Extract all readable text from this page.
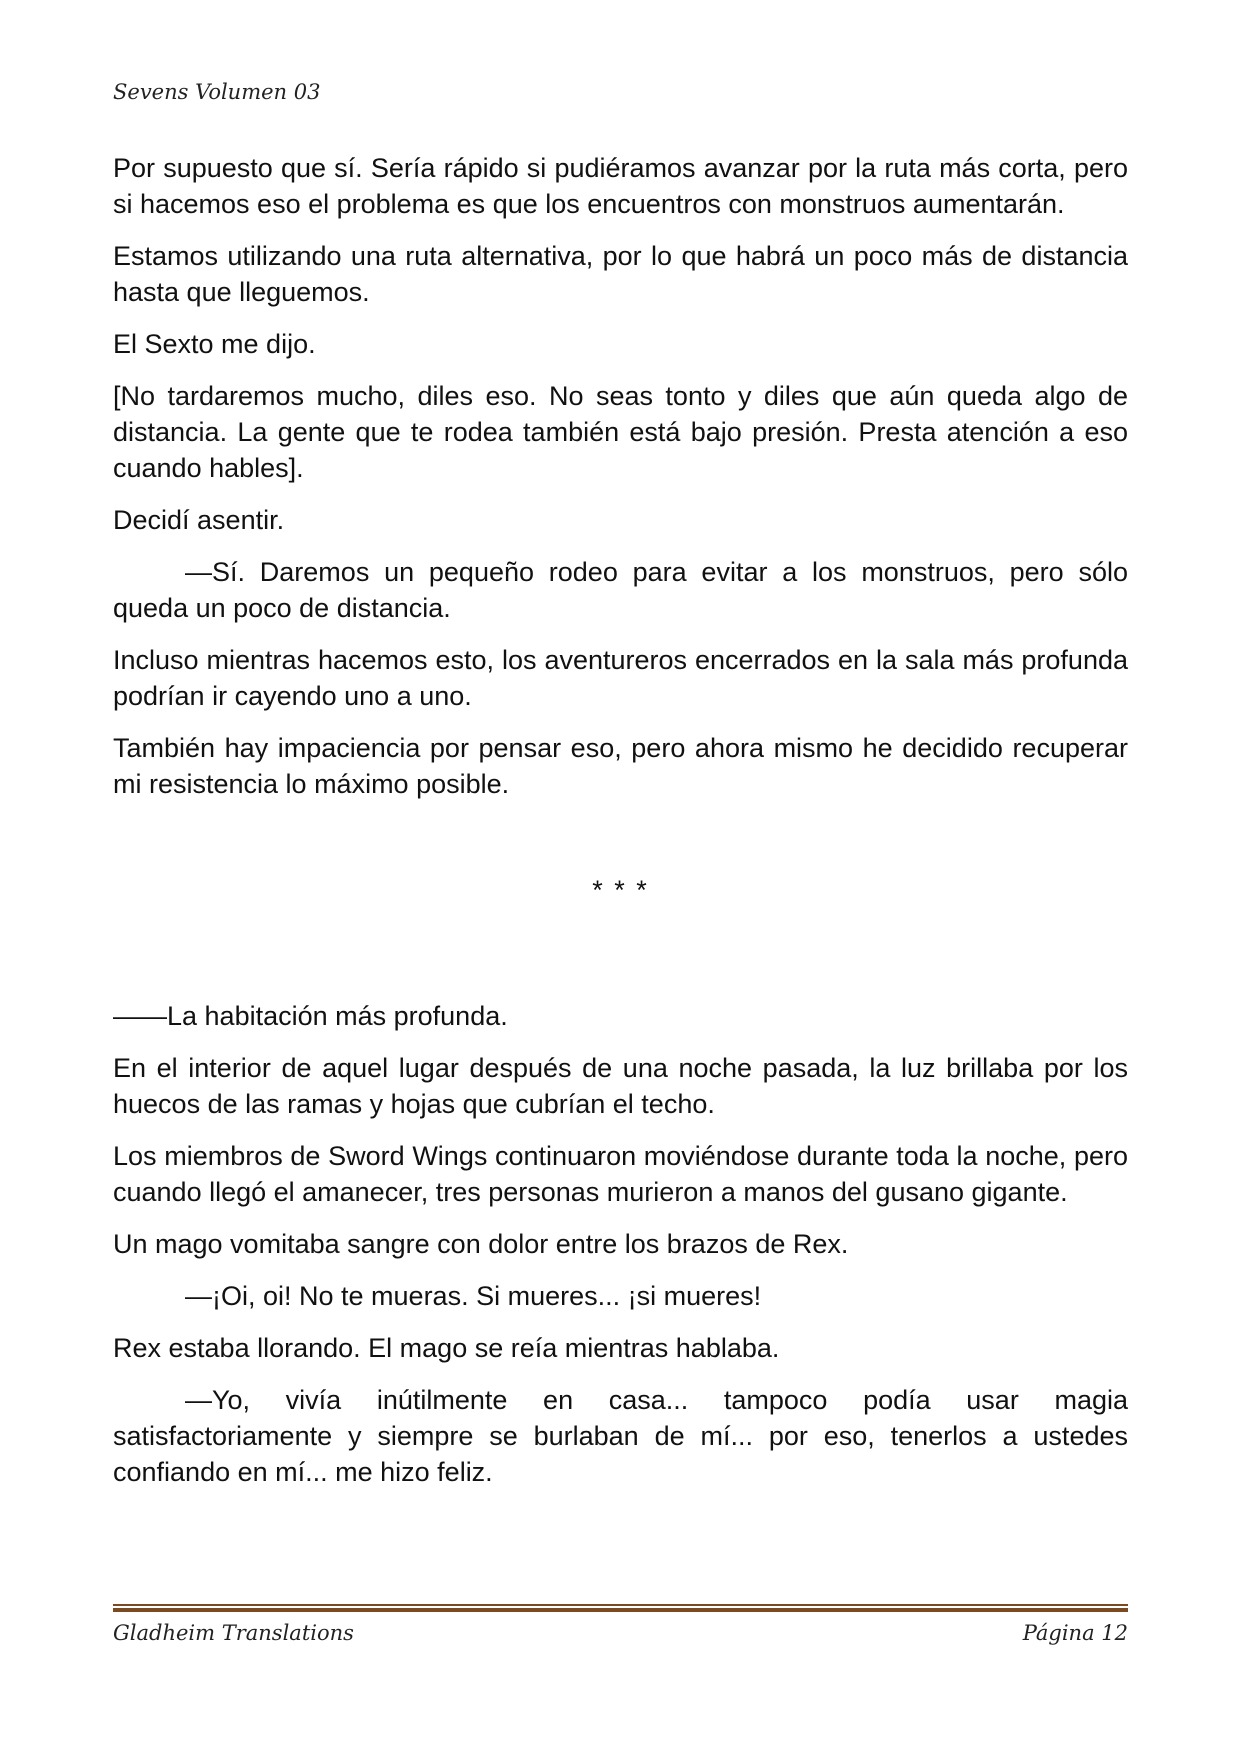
Sevens Volumen 03

Por supuesto que sí. Sería rápido si pudiéramos avanzar por la ruta más corta, pero si hacemos eso el problema es que los encuentros con monstruos aumentarán.

Estamos utilizando una ruta alternativa, por lo que habrá un poco más de distancia hasta que lleguemos.

El Sexto me dijo.

[No tardaremos mucho, diles eso. No seas tonto y diles que aún queda algo de distancia. La gente que te rodea también está bajo presión. Presta atención a eso cuando hables].

Decidí asentir.

—Sí. Daremos un pequeño rodeo para evitar a los monstruos, pero sólo queda un poco de distancia.

Incluso mientras hacemos esto, los aventureros encerrados en la sala más profunda podrían ir cayendo uno a uno.

También hay impaciencia por pensar eso, pero ahora mismo he decidido recuperar mi resistencia lo máximo posible.

* * *

——La habitación más profunda.

En el interior de aquel lugar después de una noche pasada, la luz brillaba por los huecos de las ramas y hojas que cubrían el techo.

Los miembros de Sword Wings continuaron moviéndose durante toda la noche, pero cuando llegó el amanecer, tres personas murieron a manos del gusano gigante.

Un mago vomitaba sangre con dolor entre los brazos de Rex.

—¡Oi, oi! No te mueras. Si mueres... ¡si mueres!

Rex estaba llorando. El mago se reía mientras hablaba.

—Yo, vivía inútilmente en casa... tampoco podía usar magia satisfactoriamente y siempre se burlaban de mí... por eso, tenerlos a ustedes confiando en mí... me hizo feliz.

Gladheim Translations	Página 12
